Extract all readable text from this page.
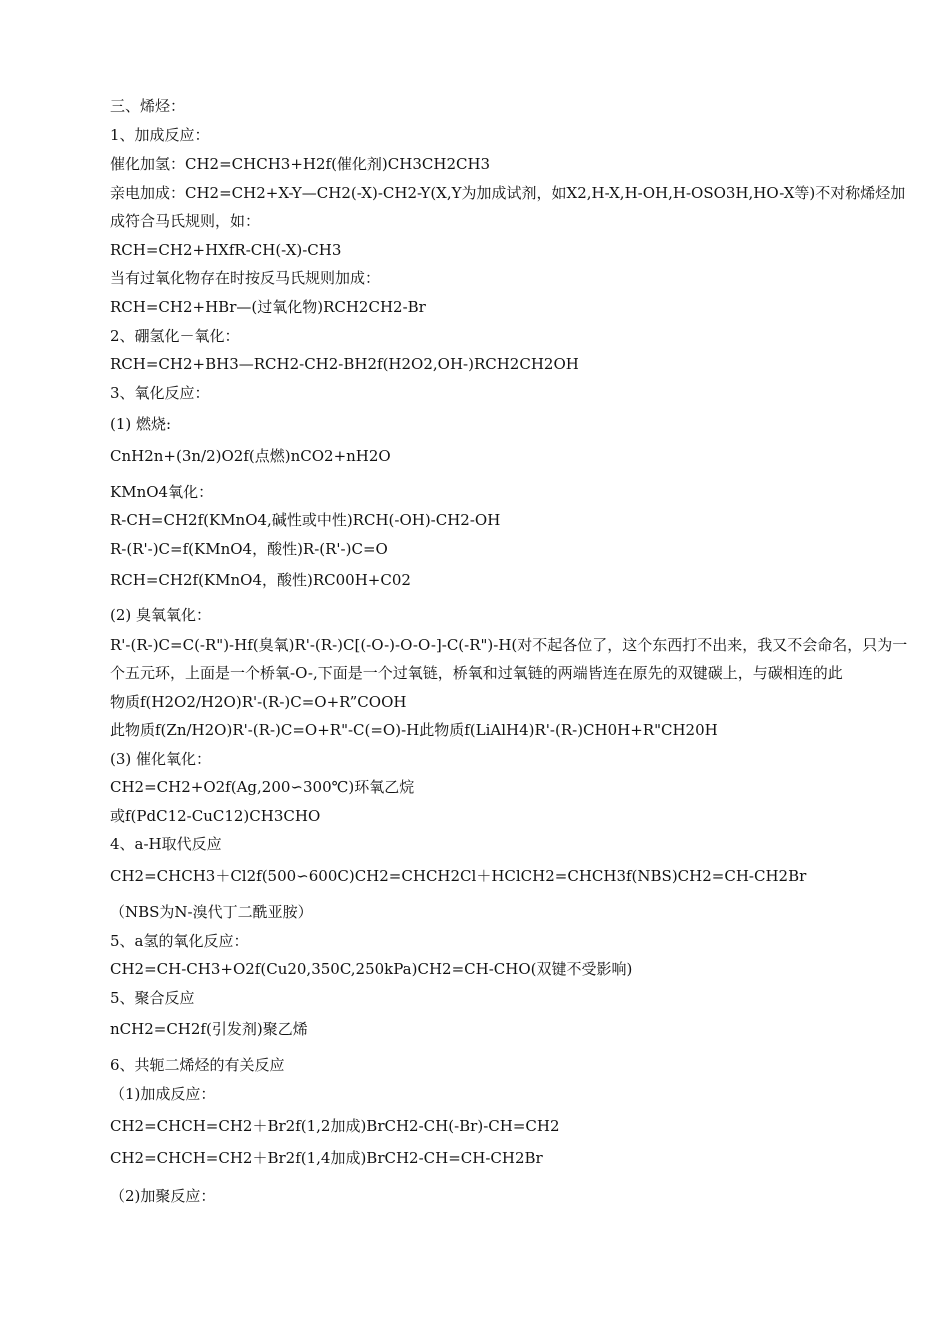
三、烯烃：
1、加成反应：
催化加氢：CH2=CHCH3+H2f(催化剂)CH3CH2CH3
亲电加成：CH2=CH2+X-Y—CH2(-X)-CH2-Y(X,Y为加成试剂，如X2,H-X,H-OH,H-OSO3H,HO-X等)不对称烯烃加
成符合马氏规则，如：
RCH=CH2+HXfR-CH(-X)-CH3
当有过氧化物存在时按反马氏规则加成：
RCH=CH2+HBr—(过氧化物)RCH2CH2-Br
2、硼氢化－氧化：
RCH=CH2+BH3—RCH2-CH2-BH2f(H2O2,OH-)RCH2CH2OH
3、氧化反应：
(1) 燃烧:
CnH2n+(3n/2)O2f(点燃)nCO2+nH2O
KMnO4氧化：
R-CH=CH2f(KMnO4,碱性或中性)RCH(-OH)-CH2-OH
R-(R'-)C=f(KMnO4，酸性)R-(R'-)C=O
RCH=CH2f(KMnO4，酸性)RC00H+C02
(2) 臭氧氧化：
R'-(R-)C=C(-R")-Hf(臭氧)R'-(R-)C[(-O-)-O-O-]-C(-R")-H(对不起各位了，这个东西打不出来，我又不会命名，只为一
个五元环，上面是一个桥氧-O-,下面是一个过氧链，桥氧和过氧链的两端皆连在原先的双键碳上，与碳相连的此
物质f(H2O2/H2O)R'-(R-)C=O+R”COOH
此物质f(Zn/H2O)R'-(R-)C=O+R"-C(=O)-H此物质f(LiAlH4)R'-(R-)CH0H+R"CH20H
(3) 催化氧化：
CH2=CH2+O2f(Ag,200∽300℃)环氧乙烷
或f(PdC12-CuC12)CH3CHO
4、a-H取代反应
CH2=CHCH3＋Cl2f(500∽600C)CH2=CHCH2Cl＋HClCH2=CHCH3f(NBS)CH2=CH-CH2Br
（NBS为N-溴代丁二酰亚胺）
5、a氢的氧化反应：
CH2=CH-CH3+O2f(Cu20,350C,250kPa)CH2=CH-CHO(双键不受影响)
5、聚合反应
nCH2=CH2f(引发剂)聚乙烯
6、共轭二烯烃的有关反应
（1)加成反应：
CH2=CHCH=CH2＋Br2f(1,2加成)BrCH2-CH(-Br)-CH=CH2
CH2=CHCH=CH2＋Br2f(1,4加成)BrCH2-CH=CH-CH2Br
（2)加聚反应：
